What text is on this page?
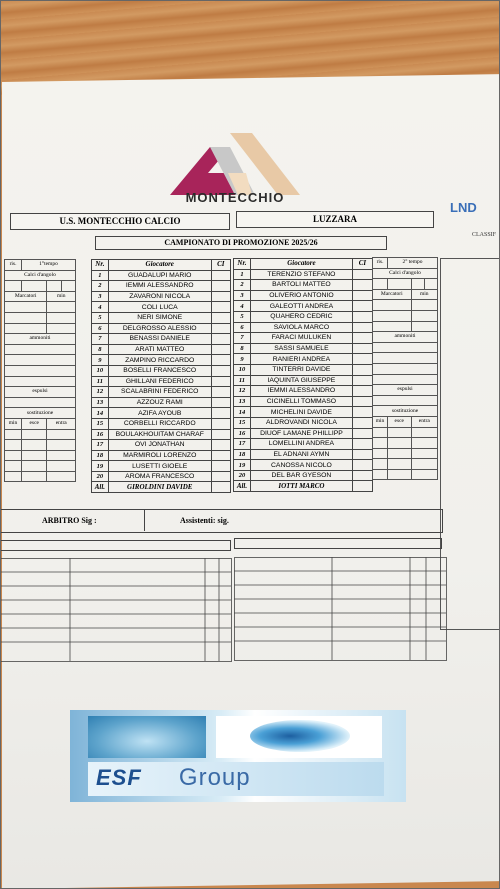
MONTECCHIO
LND
CLASSIF
U.S. MONTECCHIO CALCIO	LUZZARA
CAMPIONATO DI PROMOZIONE 2025/26
ris.	1°tempo		
Calci d'angolo			

Marcatori		min	

ammoniti			

espulsi			

sostituzione			
min	esce	entra	

Nr.	Giocatore	CI
1	GUADALUPI MARIO	
2	IEMMI ALESSANDRO	
3	ZAVARONI NICOLA	
4	COLI LUCA	
5	NERI SIMONE	
6	DELGROSSO ALESSIO	
7	BENASSI DANIELE	
8	ARATI MATTEO	
9	ZAMPINO RICCARDO	
10	BOSELLI FRANCESCO	
11	GHILLANI FEDERICO	
12	SCALABRINI FEDERICO	
13	AZZOUZ RAMI	
14	AZIFA AYOUB	
15	CORBELLI RICCARDO	
16	BOULAKHOUITAM CHARAF	
17	OVI JONATHAN	
18	MARMIROLI LORENZO	
19	LUSETTI GIOELE	
20	AROMA FRANCESCO	
All.	GIROLDINI DAVIDE	
Nr.	Giocatore	CI
1	TERENZIO STEFANO	
2	BARTOLI MATTEO	
3	OLIVERIO ANTONIO	
4	GALEOTTI ANDREA	
5	QUAHERO CEDRIC	
6	SAVIOLA MARCO	
7	FARACI MULUKEN	
8	SASSI SAMUELE	
9	RANIERI ANDREA	
10	TINTERRI DAVIDE	
11	IAQUINTA GIUSEPPE	
12	IEMMI ALESSANDRO	
13	CICINELLI TOMMASO	
14	MICHELINI DAVIDE	
15	ALDROVANDI NICOLA	
16	DIUOF LAMANE PHILLIPP	
17	LOMELLINI ANDREA	
18	EL ADNANI AYMN	
19	CANOSSA NICOLO	
20	DEL BAR GYESON	
All.	IOTTI MARCO	
ris.	2° tempo		
Calci d'angolo			

Marcatori		min	

ammoniti			

espulsi			

sostituzione			
min	esce	entra	

ARBITRO Sig :	Assistenti: sig.
ESF Group
